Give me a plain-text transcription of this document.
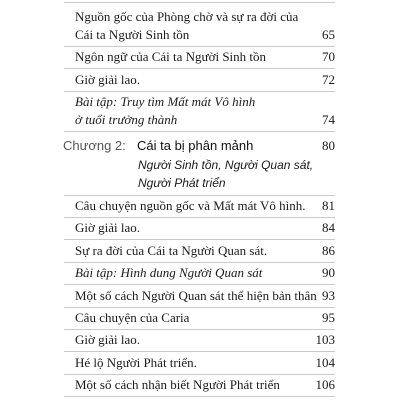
Nguồn gốc của Phòng chờ và sự ra đời của
Cái ta Người Sinh tồn	65
Ngôn ngữ của Cái ta Người Sinh tồn	70
Giờ giải lao.	72
Bài tập: Truy tìm Mất mát Vô hình
ở tuổi trưởng thành	74
Chương 2: Cái ta bị phân mảnh	80
Người Sinh tồn, Người Quan sát,
Người Phát triển
Câu chuyện nguồn gốc và Mất mát Vô hình. 81
Giờ giải lao.	84
Sự ra đời của Cái ta Người Quan sát.	86
Bài tập: Hình dung Người Quan sát	90
Một số cách Người Quan sát thể hiện bản thân 93
Câu chuyện của Caria	95
Giờ giải lao.	103
Hé lộ Người Phát triển.	104
Một số cách nhận biết Người Phát triển	106
